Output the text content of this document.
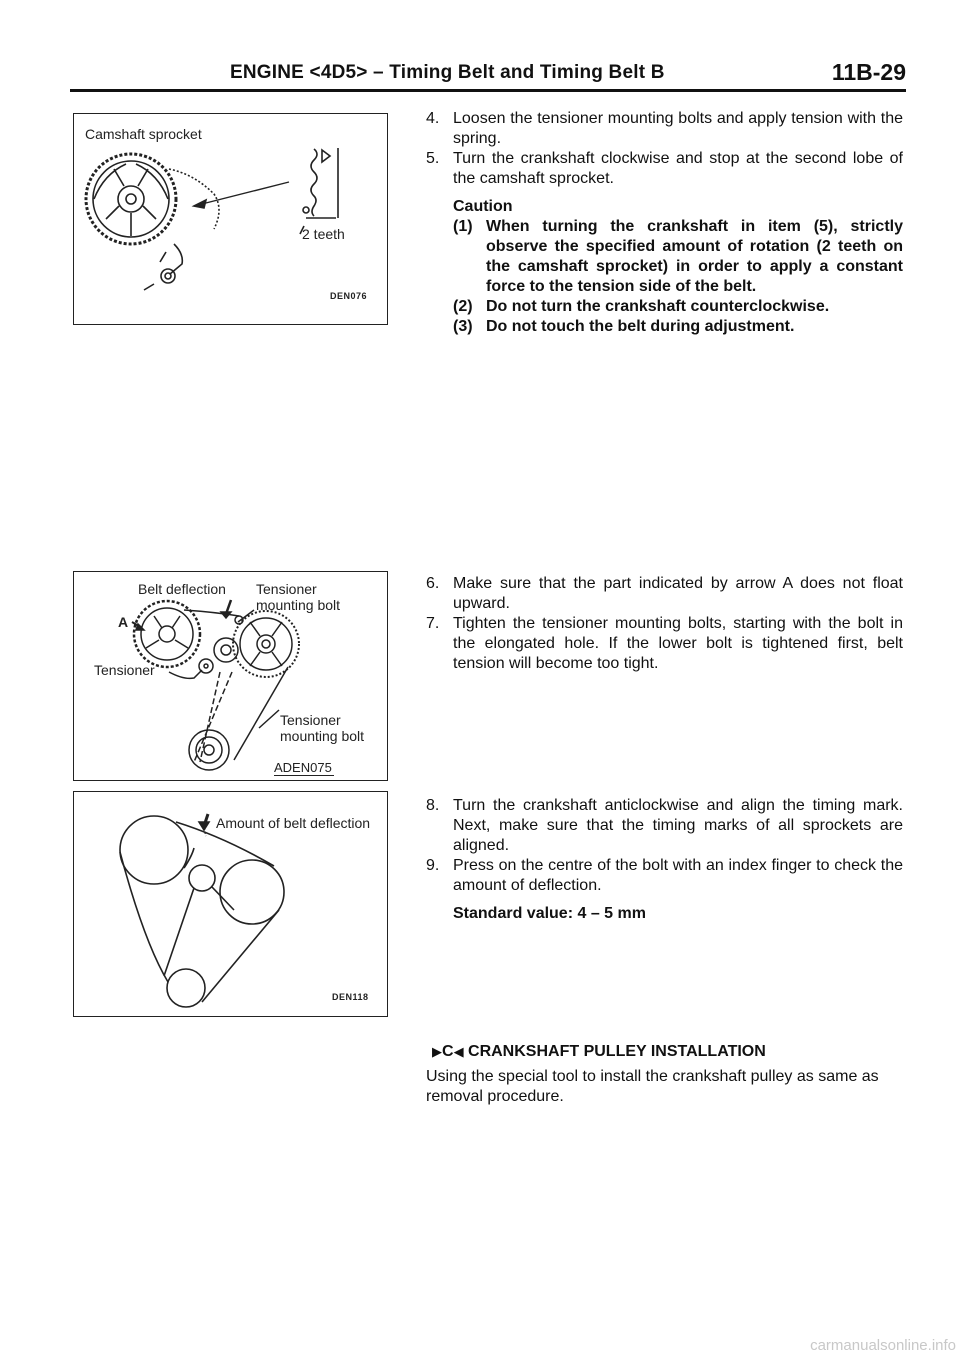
ENGINE <4D5> – Timing Belt and Timing Belt B	11B-29
Camshaft sprocket
2 teeth
DEN076
Belt deflection Tensioner
mounting bolt
A
Tensioner
Tensioner
mounting bolt
ADEN075
Amount of belt deflection
DEN118
4. Loosen the tensioner mounting bolts and apply tension with the spring.
5. Turn the crankshaft clockwise and stop at the second lobe of the camshaft sprocket.
Caution
(1) When turning the crankshaft in item (5), strictly observe the specified amount of rotation (2 teeth on the camshaft sprocket) in order to apply a constant force to the tension side of the belt.
(2) Do not turn the crankshaft counterclockwise.
(3) Do not touch the belt during adjustment.
6. Make sure that the part indicated by arrow A does not float upward.
7. Tighten the tensioner mounting bolts, starting with the bolt in the elongated hole. If the lower bolt is tightened first, belt tension will become too tight.
8. Turn the crankshaft anticlockwise and align the timing mark. Next, make sure that the timing marks of all sprockets are aligned.
9. Press on the centre of the bolt with an index finger to check the amount of deflection.
Standard value: 4 – 5 mm
▶C◀ CRANKSHAFT PULLEY INSTALLATION
Using the special tool to install the crankshaft pulley as same as removal procedure.
carmanualsonline.info
